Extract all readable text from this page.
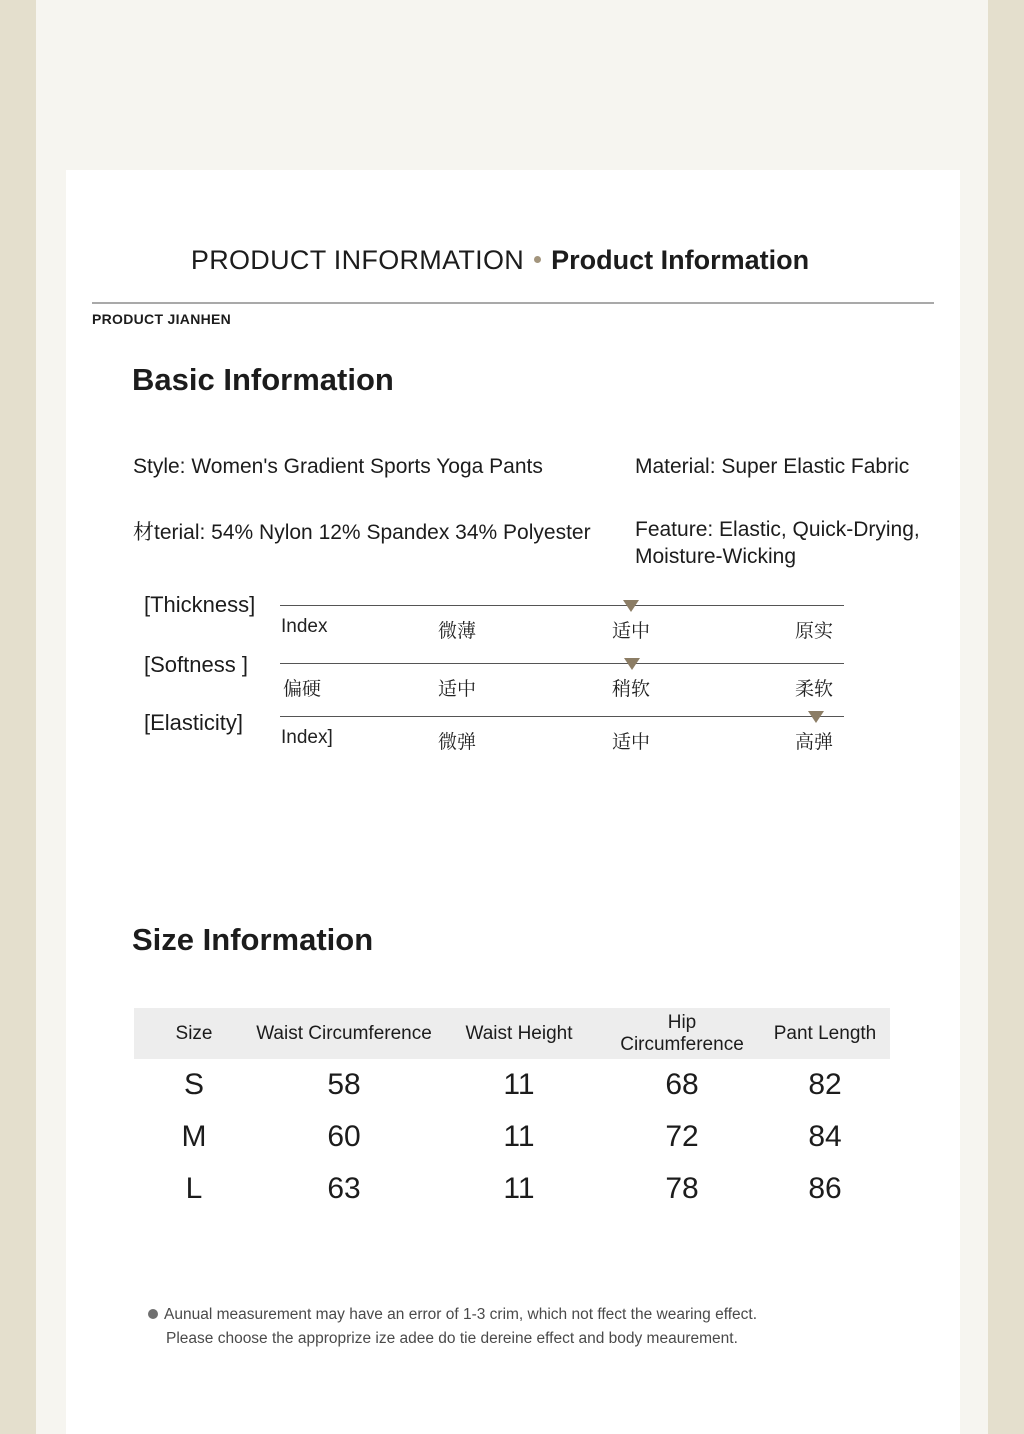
PRODUCT INFORMATION Product Information
PRODUCT JIANHEN
Basic Information
Style: Women's Gradient Sports Yoga Pants	Material: Super Elastic Fabric
材terial: 54% Nylon 12% Spandex 34% Polyester Feature: Elastic, Quick-Drying,
Moisture-Wicking
[Thickness]
Index	微薄	适中	原实
[Softness ]
偏硬	适中	稍软	柔软
[Elasticity]
Index]	微弹	适中	高弹
Size Information
Size	Waist Circumference	Waist Height	Hip Circumference	Pant Length
S	58	11	68	82
M	60	11	72	84
L	63	11	78	86
Aunual measurement may have an error of 1-3 crim, which not ffect the wearing effect.
Please choose the approprize ize adee do tie dereine effect and body meaurement.
